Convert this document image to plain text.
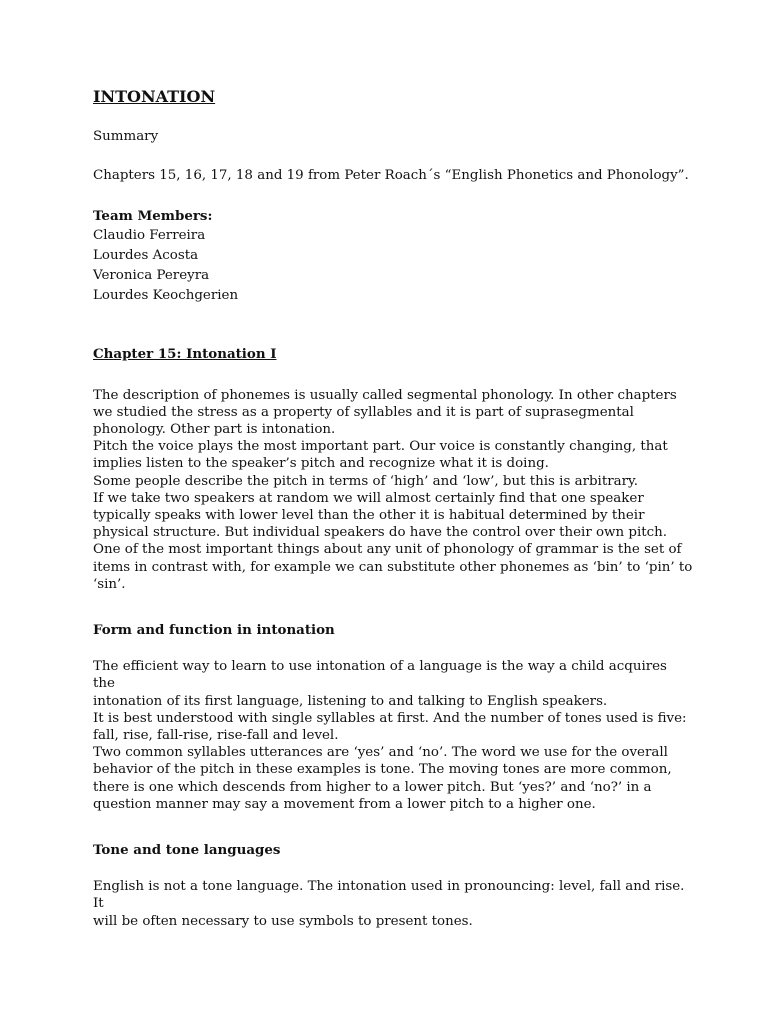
INTONATION

Summary

Chapters 15, 16, 17, 18 and 19 from Peter Roach´s “English Phonetics and Phonology”.

Team Members:

Claudio Ferreira
Lourdes Acosta
Veronica Pereyra
Lourdes Keochgerien

Chapter 15: Intonation I

The description of phonemes is usually called segmental phonology. In other chapters
we studied the stress as a property of syllables and it is part of suprasegmental
phonology. Other part is intonation.
Pitch the voice plays the most important part. Our voice is constantly changing, that
implies listen to the speaker’s pitch and recognize what it is doing.
Some people describe the pitch in terms of ‘high’ and ‘low’, but this is arbitrary.
If we take two speakers at random we will almost certainly find that one speaker
typically speaks with lower level than the other it is habitual determined by their
physical structure. But individual speakers do have the control over their own pitch.
One of the most important things about any unit of phonology of grammar is the set of
items in contrast with, for example we can substitute other phonemes as ‘bin’ to ‘pin’ to
‘sin’.

Form and function in intonation

The efficient way to learn to use intonation of a language is the way a child acquires the
intonation of its first language, listening to and talking to English speakers.
It is best understood with single syllables at first. And the number of tones used is five:
fall, rise, fall-rise, rise-fall and level.
Two common syllables utterances are ‘yes’ and ‘no’. The word we use for the overall
behavior of the pitch in these examples is tone. The moving tones are more common,
there is one which descends from higher to a lower pitch. But ‘yes?’ and ‘no?’ in a
question manner may say a movement from a lower pitch to a higher one.

Tone and tone languages

English is not a tone language. The intonation used in pronouncing: level, fall and rise. It
will be often necessary to use symbols to present tones.
